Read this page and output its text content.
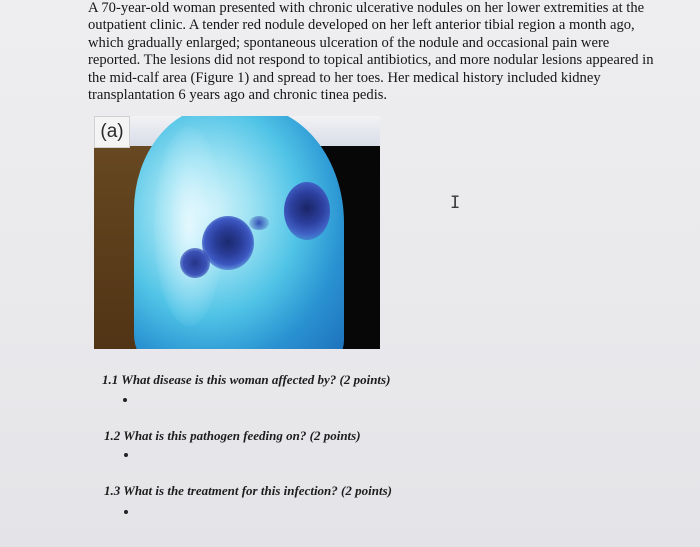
A 70-year-old woman presented with chronic ulcerative nodules on her lower extremities at the
outpatient clinic. A tender red nodule developed on her left anterior tibial region a month ago,
which gradually enlarged; spontaneous ulceration of the nodule and occasional pain were
reported. The lesions did not respond to topical antibiotics, and more nodular lesions appeared in
the mid-calf area (Figure 1) and spread to her toes. Her medical history included kidney
transplantation 6 years ago and chronic tinea pedis.
(a)
I
1.1 What disease is this woman affected by? (2 points)
1.2 What is this pathogen feeding on? (2 points)
1.3 What is the treatment for this infection? (2 points)
